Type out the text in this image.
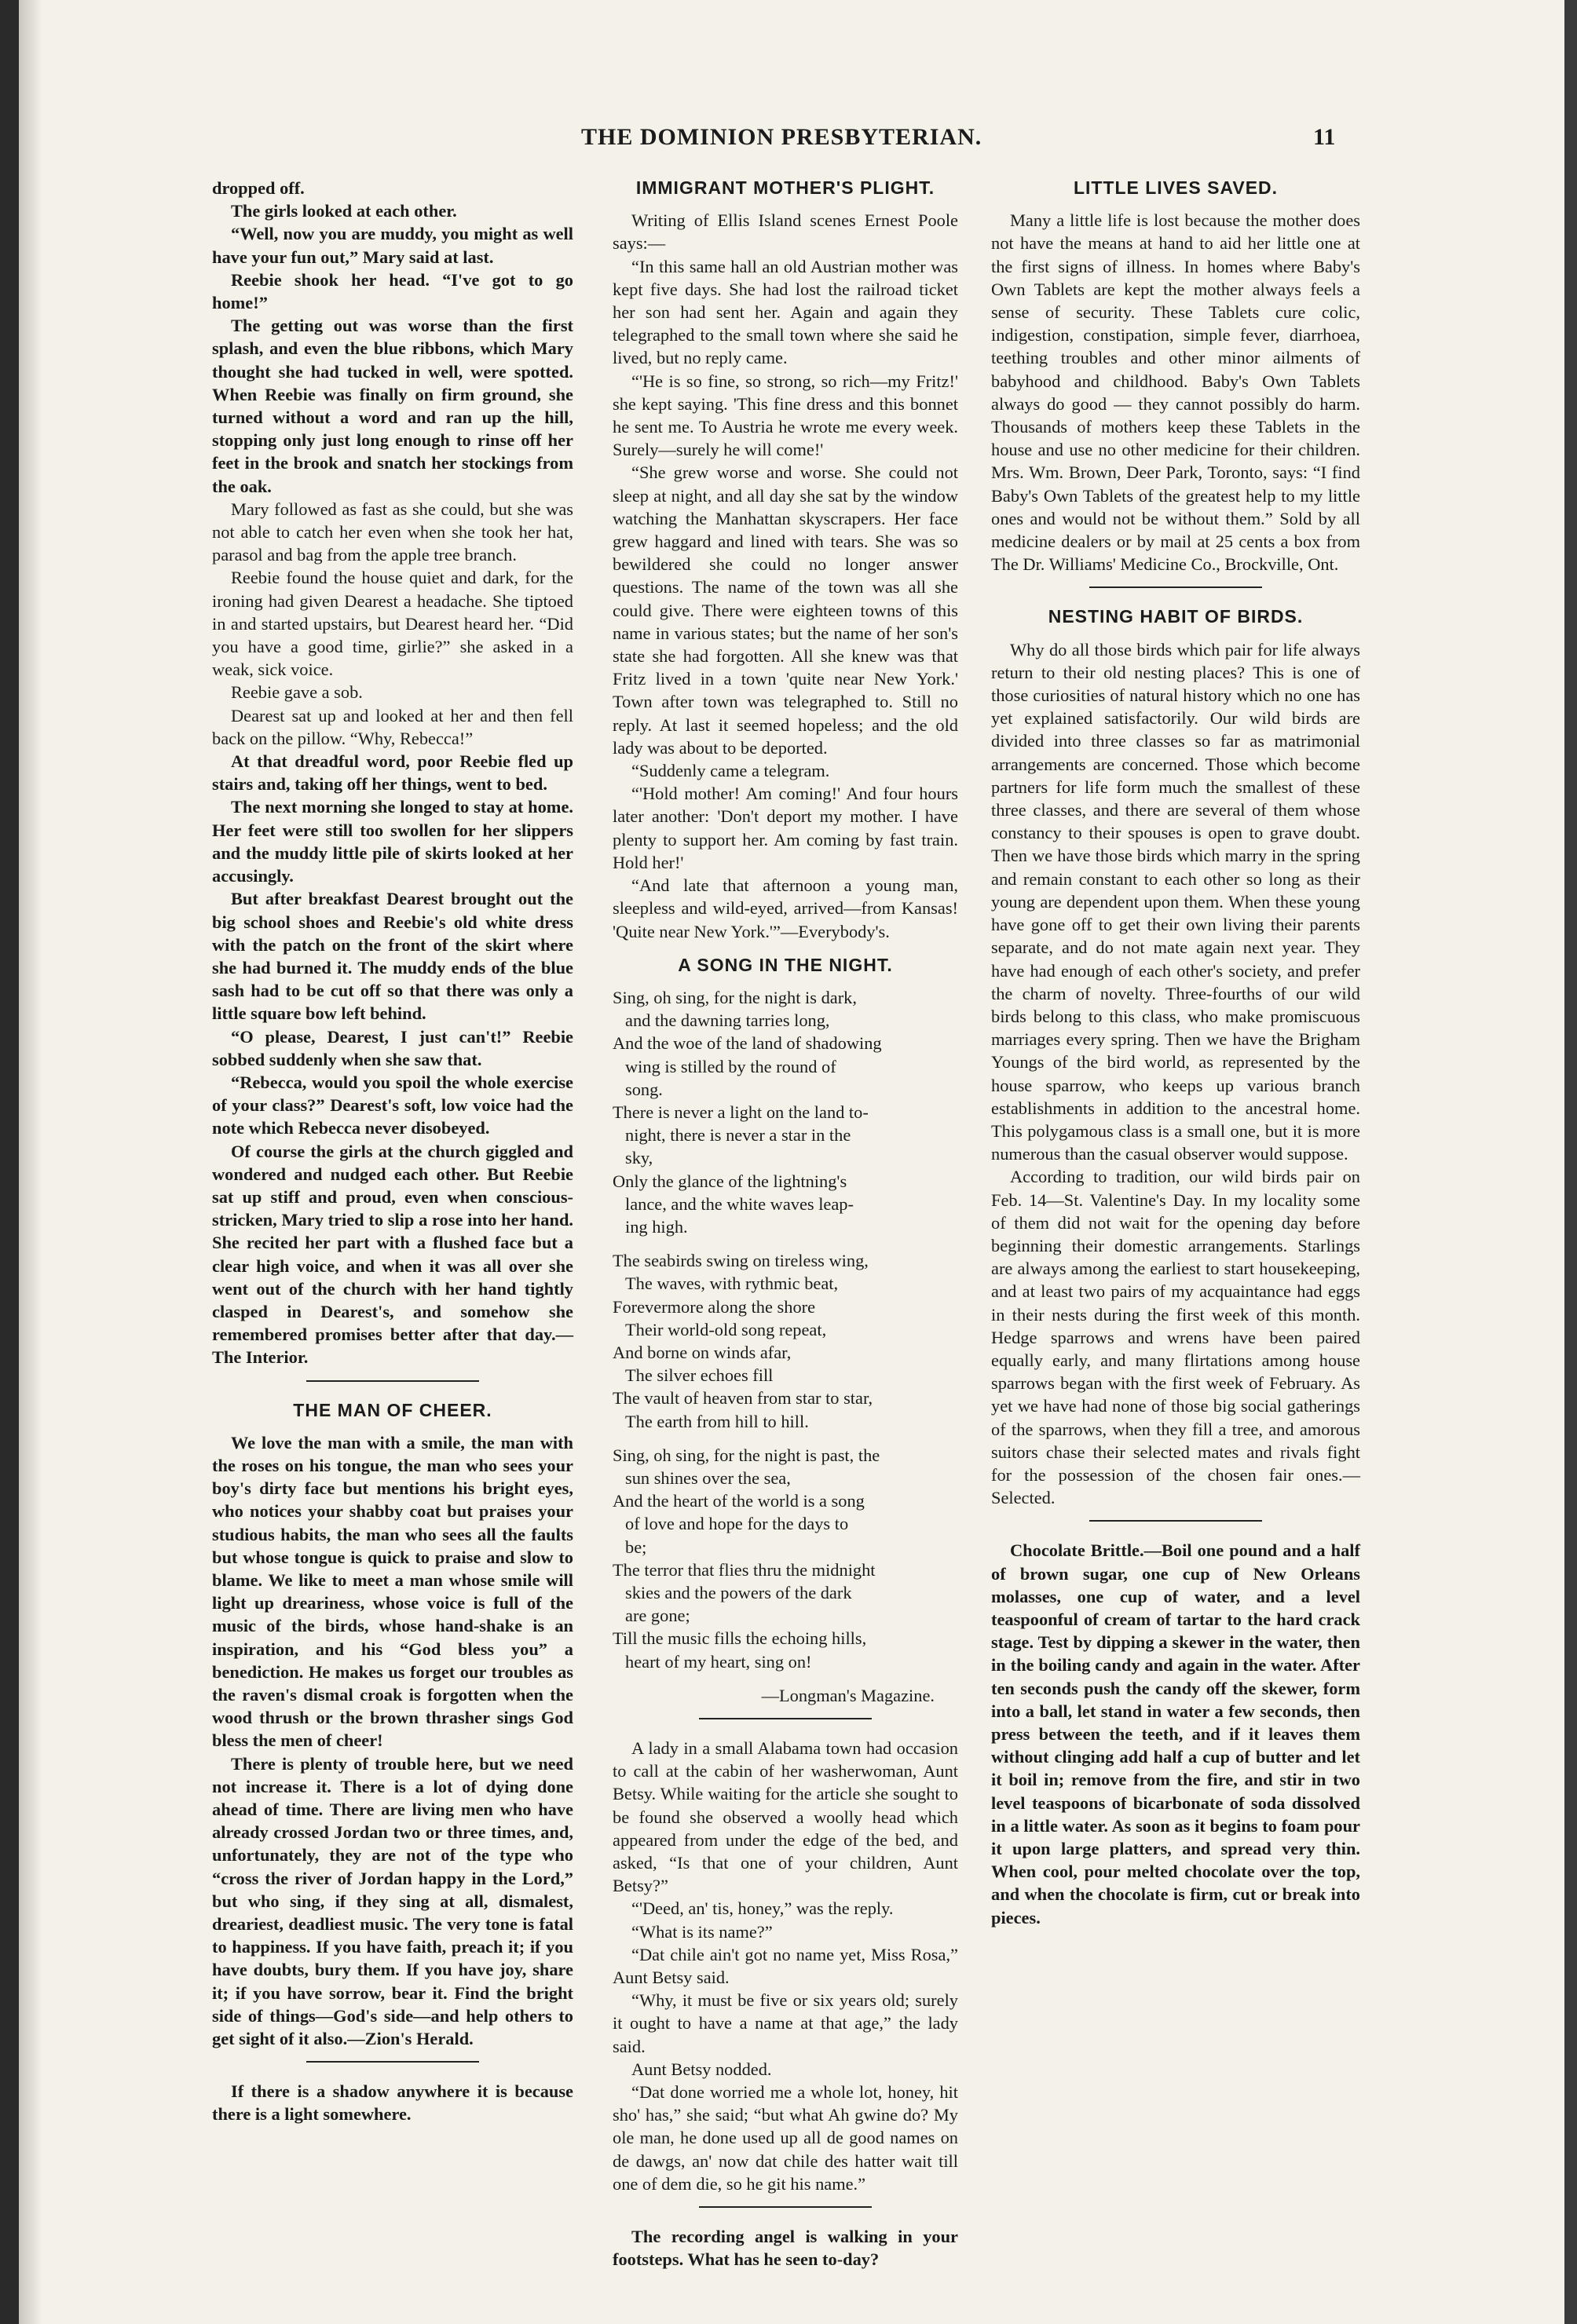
THE DOMINION PRESBYTERIAN.	11

dropped off.

The girls looked at each other.

“Well, now you are muddy, you might as well have your fun out,” Mary said at last.

Reebie shook her head. “I've got to go home!”

The getting out was worse than the first splash, and even the blue ribbons, which Mary thought she had tucked in well, were spotted. When Reebie was finally on firm ground, she turned without a word and ran up the hill, stopping only just long enough to rinse off her feet in the brook and snatch her stockings from the oak.

Mary followed as fast as she could, but she was not able to catch her even when she took her hat, parasol and bag from the apple tree branch.

Reebie found the house quiet and dark, for the ironing had given Dearest a headache. She tiptoed in and started upstairs, but Dearest heard her. “Did you have a good time, girlie?” she asked in a weak, sick voice.

Reebie gave a sob.

Dearest sat up and looked at her and then fell back on the pillow. “Why, Rebecca!”

At that dreadful word, poor Reebie fled up stairs and, taking off her things, went to bed.

The next morning she longed to stay at home. Her feet were still too swollen for her slippers and the muddy little pile of skirts looked at her accusingly.

But after breakfast Dearest brought out the big school shoes and Reebie's old white dress with the patch on the front of the skirt where she had burned it. The muddy ends of the blue sash had to be cut off so that there was only a little square bow left behind.

“O please, Dearest, I just can't!” Reebie sobbed suddenly when she saw that.

“Rebecca, would you spoil the whole exercise of your class?” Dearest's soft, low voice had the note which Rebecca never disobeyed.

Of course the girls at the church giggled and wondered and nudged each other. But Reebie sat up stiff and proud, even when conscious-stricken, Mary tried to slip a rose into her hand. She recited her part with a flushed face but a clear high voice, and when it was all over she went out of the church with her hand tightly clasped in Dearest's, and somehow she remembered promises better after that day.—The Interior.

THE MAN OF CHEER.

We love the man with a smile, the man with the roses on his tongue, the man who sees your boy's dirty face but mentions his bright eyes, who notices your shabby coat but praises your studious habits, the man who sees all the faults but whose tongue is quick to praise and slow to blame. We like to meet a man whose smile will light up dreariness, whose voice is full of the music of the birds, whose hand-shake is an inspiration, and his “God bless you” a benediction. He makes us forget our troubles as the raven's dismal croak is forgotten when the wood thrush or the brown thrasher sings God bless the men of cheer!

There is plenty of trouble here, but we need not increase it. There is a lot of dying done ahead of time. There are living men who have already crossed Jordan two or three times, and, unfortunately, they are not of the type who “cross the river of Jordan happy in the Lord,” but who sing, if they sing at all, dismalest, dreariest, deadliest music. The very tone is fatal to happiness. If you have faith, preach it; if you have doubts, bury them. If you have joy, share it; if you have sorrow, bear it. Find the bright side of things—God's side—and help others to get sight of it also.—Zion's Herald.

If there is a shadow anywhere it is because there is a light somewhere.

IMMIGRANT MOTHER'S PLIGHT.

Writing of Ellis Island scenes Ernest Poole says:—

“In this same hall an old Austrian mother was kept five days. She had lost the railroad ticket her son had sent her. Again and again they telegraphed to the small town where she said he lived, but no reply came.

“'He is so fine, so strong, so rich—my Fritz!' she kept saying. 'This fine dress and this bonnet he sent me. To Austria he wrote me every week. Surely—surely he will come!'

“She grew worse and worse. She could not sleep at night, and all day she sat by the window watching the Manhattan skyscrapers. Her face grew haggard and lined with tears. She was so bewildered she could no longer answer questions. The name of the town was all she could give. There were eighteen towns of this name in various states; but the name of her son's state she had forgotten. All she knew was that Fritz lived in a town 'quite near New York.' Town after town was telegraphed to. Still no reply. At last it seemed hopeless; and the old lady was about to be deported.

“Suddenly came a telegram.

“'Hold mother! Am coming!' And four hours later another: 'Don't deport my mother. I have plenty to support her. Am coming by fast train. Hold her!'

“And late that afternoon a young man, sleepless and wild-eyed, arrived—from Kansas! 'Quite near New York.'”—Everybody's.

A SONG IN THE NIGHT.

Sing, oh sing, for the night is dark,

and the dawning tarries long,

And the woe of the land of shadowing

wing is stilled by the round of

song.

There is never a light on the land to-

night, there is never a star in the

sky,

Only the glance of the lightning's

lance, and the white waves leap-

ing high.

The seabirds swing on tireless wing,

The waves, with rythmic beat,

Forevermore along the shore

Their world-old song repeat,

And borne on winds afar,

The silver echoes fill

The vault of heaven from star to star,

The earth from hill to hill.

Sing, oh sing, for the night is past, the

sun shines over the sea,

And the heart of the world is a song

of love and hope for the days to

be;

The terror that flies thru the midnight

skies and the powers of the dark

are gone;

Till the music fills the echoing hills,

heart of my heart, sing on!

—Longman's Magazine.

A lady in a small Alabama town had occasion to call at the cabin of her washerwoman, Aunt Betsy. While waiting for the article she sought to be found she observed a woolly head which appeared from under the edge of the bed, and asked, “Is that one of your children, Aunt Betsy?”

“'Deed, an' tis, honey,” was the reply.

“What is its name?”

“Dat chile ain't got no name yet, Miss Rosa,” Aunt Betsy said.

“Why, it must be five or six years old; surely it ought to have a name at that age,” the lady said.

Aunt Betsy nodded.

“Dat done worried me a whole lot, honey, hit sho' has,” she said; “but what Ah gwine do? My ole man, he done used up all de good names on de dawgs, an' now dat chile des hatter wait till one of dem die, so he git his name.”

The recording angel is walking in your footsteps. What has he seen to-day?

LITTLE LIVES SAVED.

Many a little life is lost because the mother does not have the means at hand to aid her little one at the first signs of illness. In homes where Baby's Own Tablets are kept the mother always feels a sense of security. These Tablets cure colic, indigestion, constipation, simple fever, diarrhoea, teething troubles and other minor ailments of babyhood and childhood. Baby's Own Tablets always do good — they cannot possibly do harm. Thousands of mothers keep these Tablets in the house and use no other medicine for their children. Mrs. Wm. Brown, Deer Park, Toronto, says: “I find Baby's Own Tablets of the greatest help to my little ones and would not be without them.” Sold by all medicine dealers or by mail at 25 cents a box from The Dr. Williams' Medicine Co., Brockville, Ont.

NESTING HABIT OF BIRDS.

Why do all those birds which pair for life always return to their old nesting places? This is one of those curiosities of natural history which no one has yet explained satisfactorily. Our wild birds are divided into three classes so far as matrimonial arrangements are concerned. Those which become partners for life form much the smallest of these three classes, and there are several of them whose constancy to their spouses is open to grave doubt. Then we have those birds which marry in the spring and remain constant to each other so long as their young are dependent upon them. When these young have gone off to get their own living their parents separate, and do not mate again next year. They have had enough of each other's society, and prefer the charm of novelty. Three-fourths of our wild birds belong to this class, who make promiscuous marriages every spring. Then we have the Brigham Youngs of the bird world, as represented by the house sparrow, who keeps up various branch establishments in addition to the ancestral home. This polygamous class is a small one, but it is more numerous than the casual observer would suppose.

According to tradition, our wild birds pair on Feb. 14—St. Valentine's Day. In my locality some of them did not wait for the opening day before beginning their domestic arrangements. Starlings are always among the earliest to start housekeeping, and at least two pairs of my acquaintance had eggs in their nests during the first week of this month. Hedge sparrows and wrens have been paired equally early, and many flirtations among house sparrows began with the first week of February. As yet we have had none of those big social gatherings of the sparrows, when they fill a tree, and amorous suitors chase their selected mates and rivals fight for the possession of the chosen fair ones.—Selected.

Chocolate Brittle.—Boil one pound and a half of brown sugar, one cup of New Orleans molasses, one cup of water, and a level teaspoonful of cream of tartar to the hard crack stage. Test by dipping a skewer in the water, then in the boiling candy and again in the water. After ten seconds push the candy off the skewer, form into a ball, let stand in water a few seconds, then press between the teeth, and if it leaves them without clinging add half a cup of butter and let it boil in; remove from the fire, and stir in two level teaspoons of bicarbonate of soda dissolved in a little water. As soon as it begins to foam pour it upon large platters, and spread very thin. When cool, pour melted chocolate over the top, and when the chocolate is firm, cut or break into pieces.
